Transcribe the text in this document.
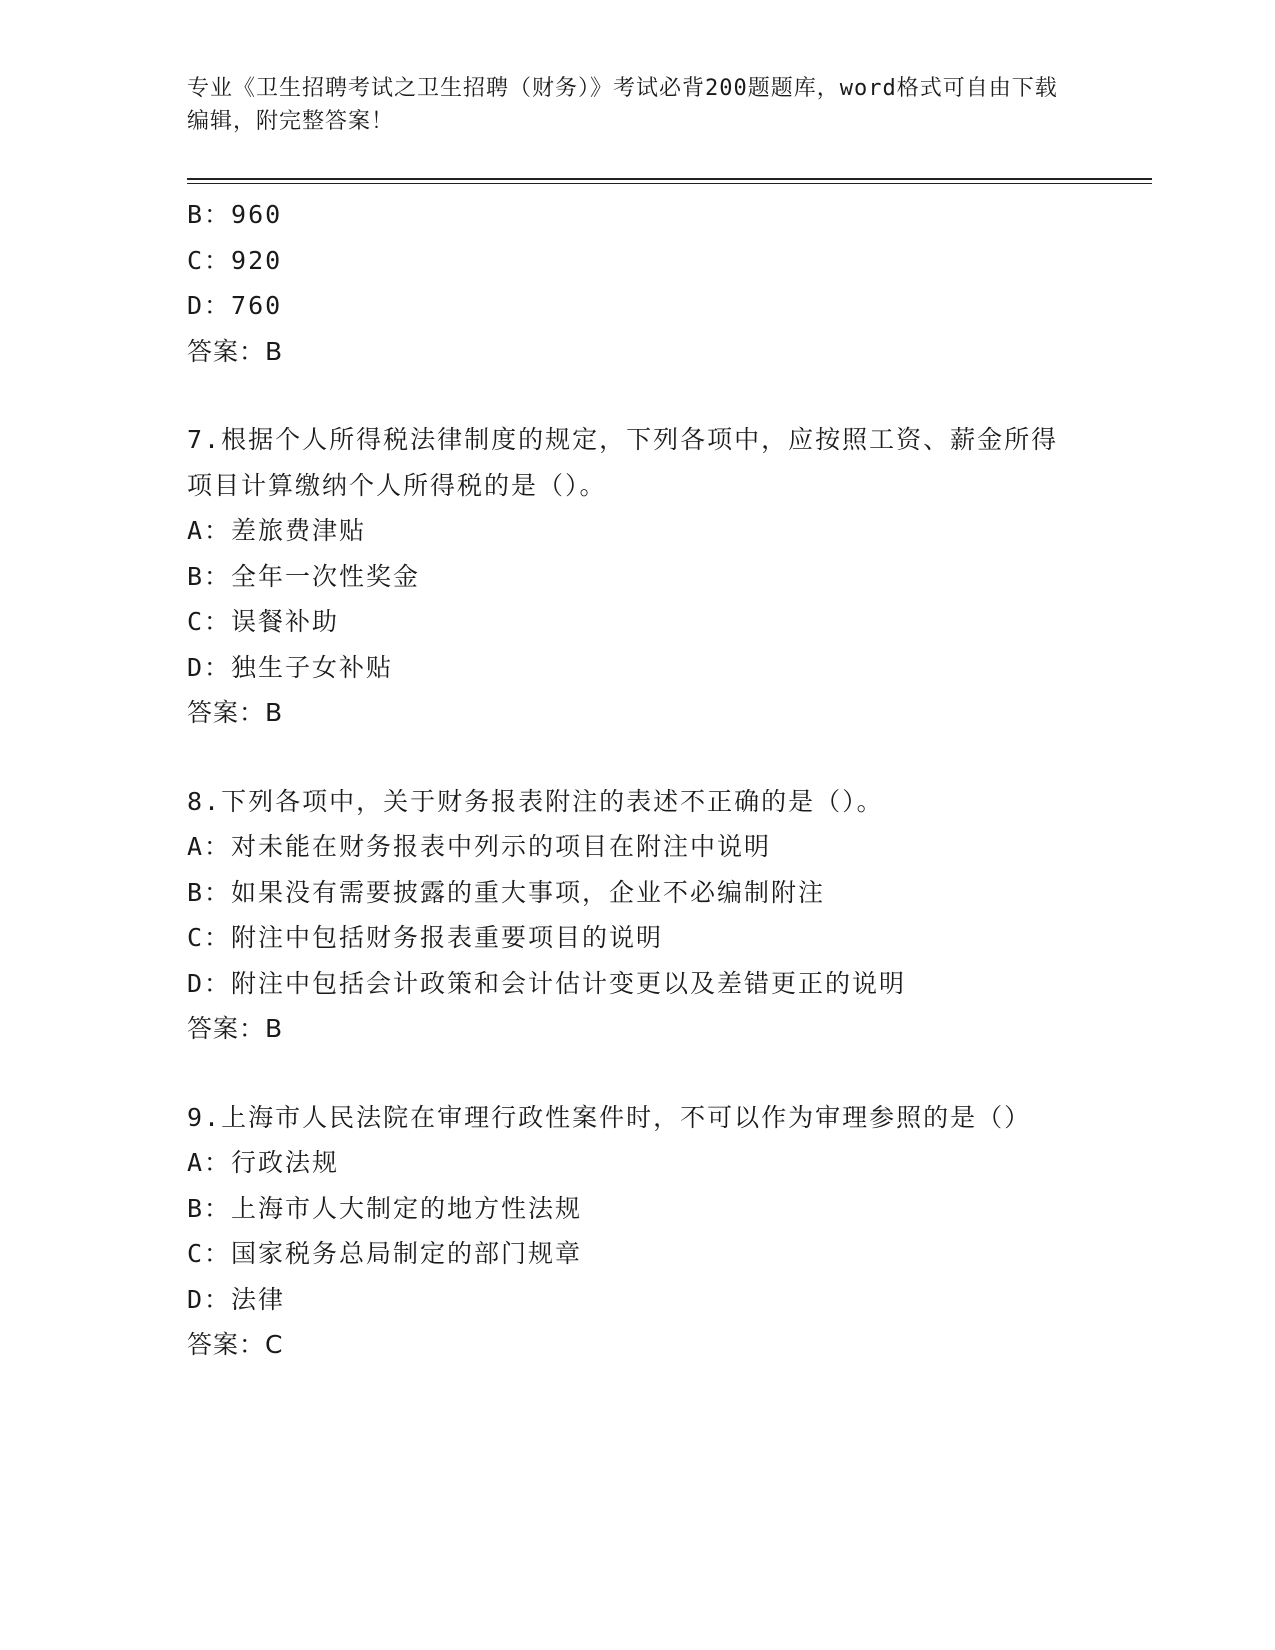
专业《卫生招聘考试之卫生招聘（财务）》考试必背200题题库，word格式可自由下载编辑，附完整答案！
B：960
C：920
D：760
答案：B
7.根据个人所得税法律制度的规定，下列各项中，应按照工资、薪金所得项目计算缴纳个人所得税的是（）。
A：差旅费津贴
B：全年一次性奖金
C：误餐补助
D：独生子女补贴
答案：B
8.下列各项中，关于财务报表附注的表述不正确的是（）。
A：对未能在财务报表中列示的项目在附注中说明
B：如果没有需要披露的重大事项，企业不必编制附注
C：附注中包括财务报表重要项目的说明
D：附注中包括会计政策和会计估计变更以及差错更正的说明
答案：B
9.上海市人民法院在审理行政性案件时，不可以作为审理参照的是（）
A：行政法规
B：上海市人大制定的地方性法规
C：国家税务总局制定的部门规章
D：法律
答案：C
